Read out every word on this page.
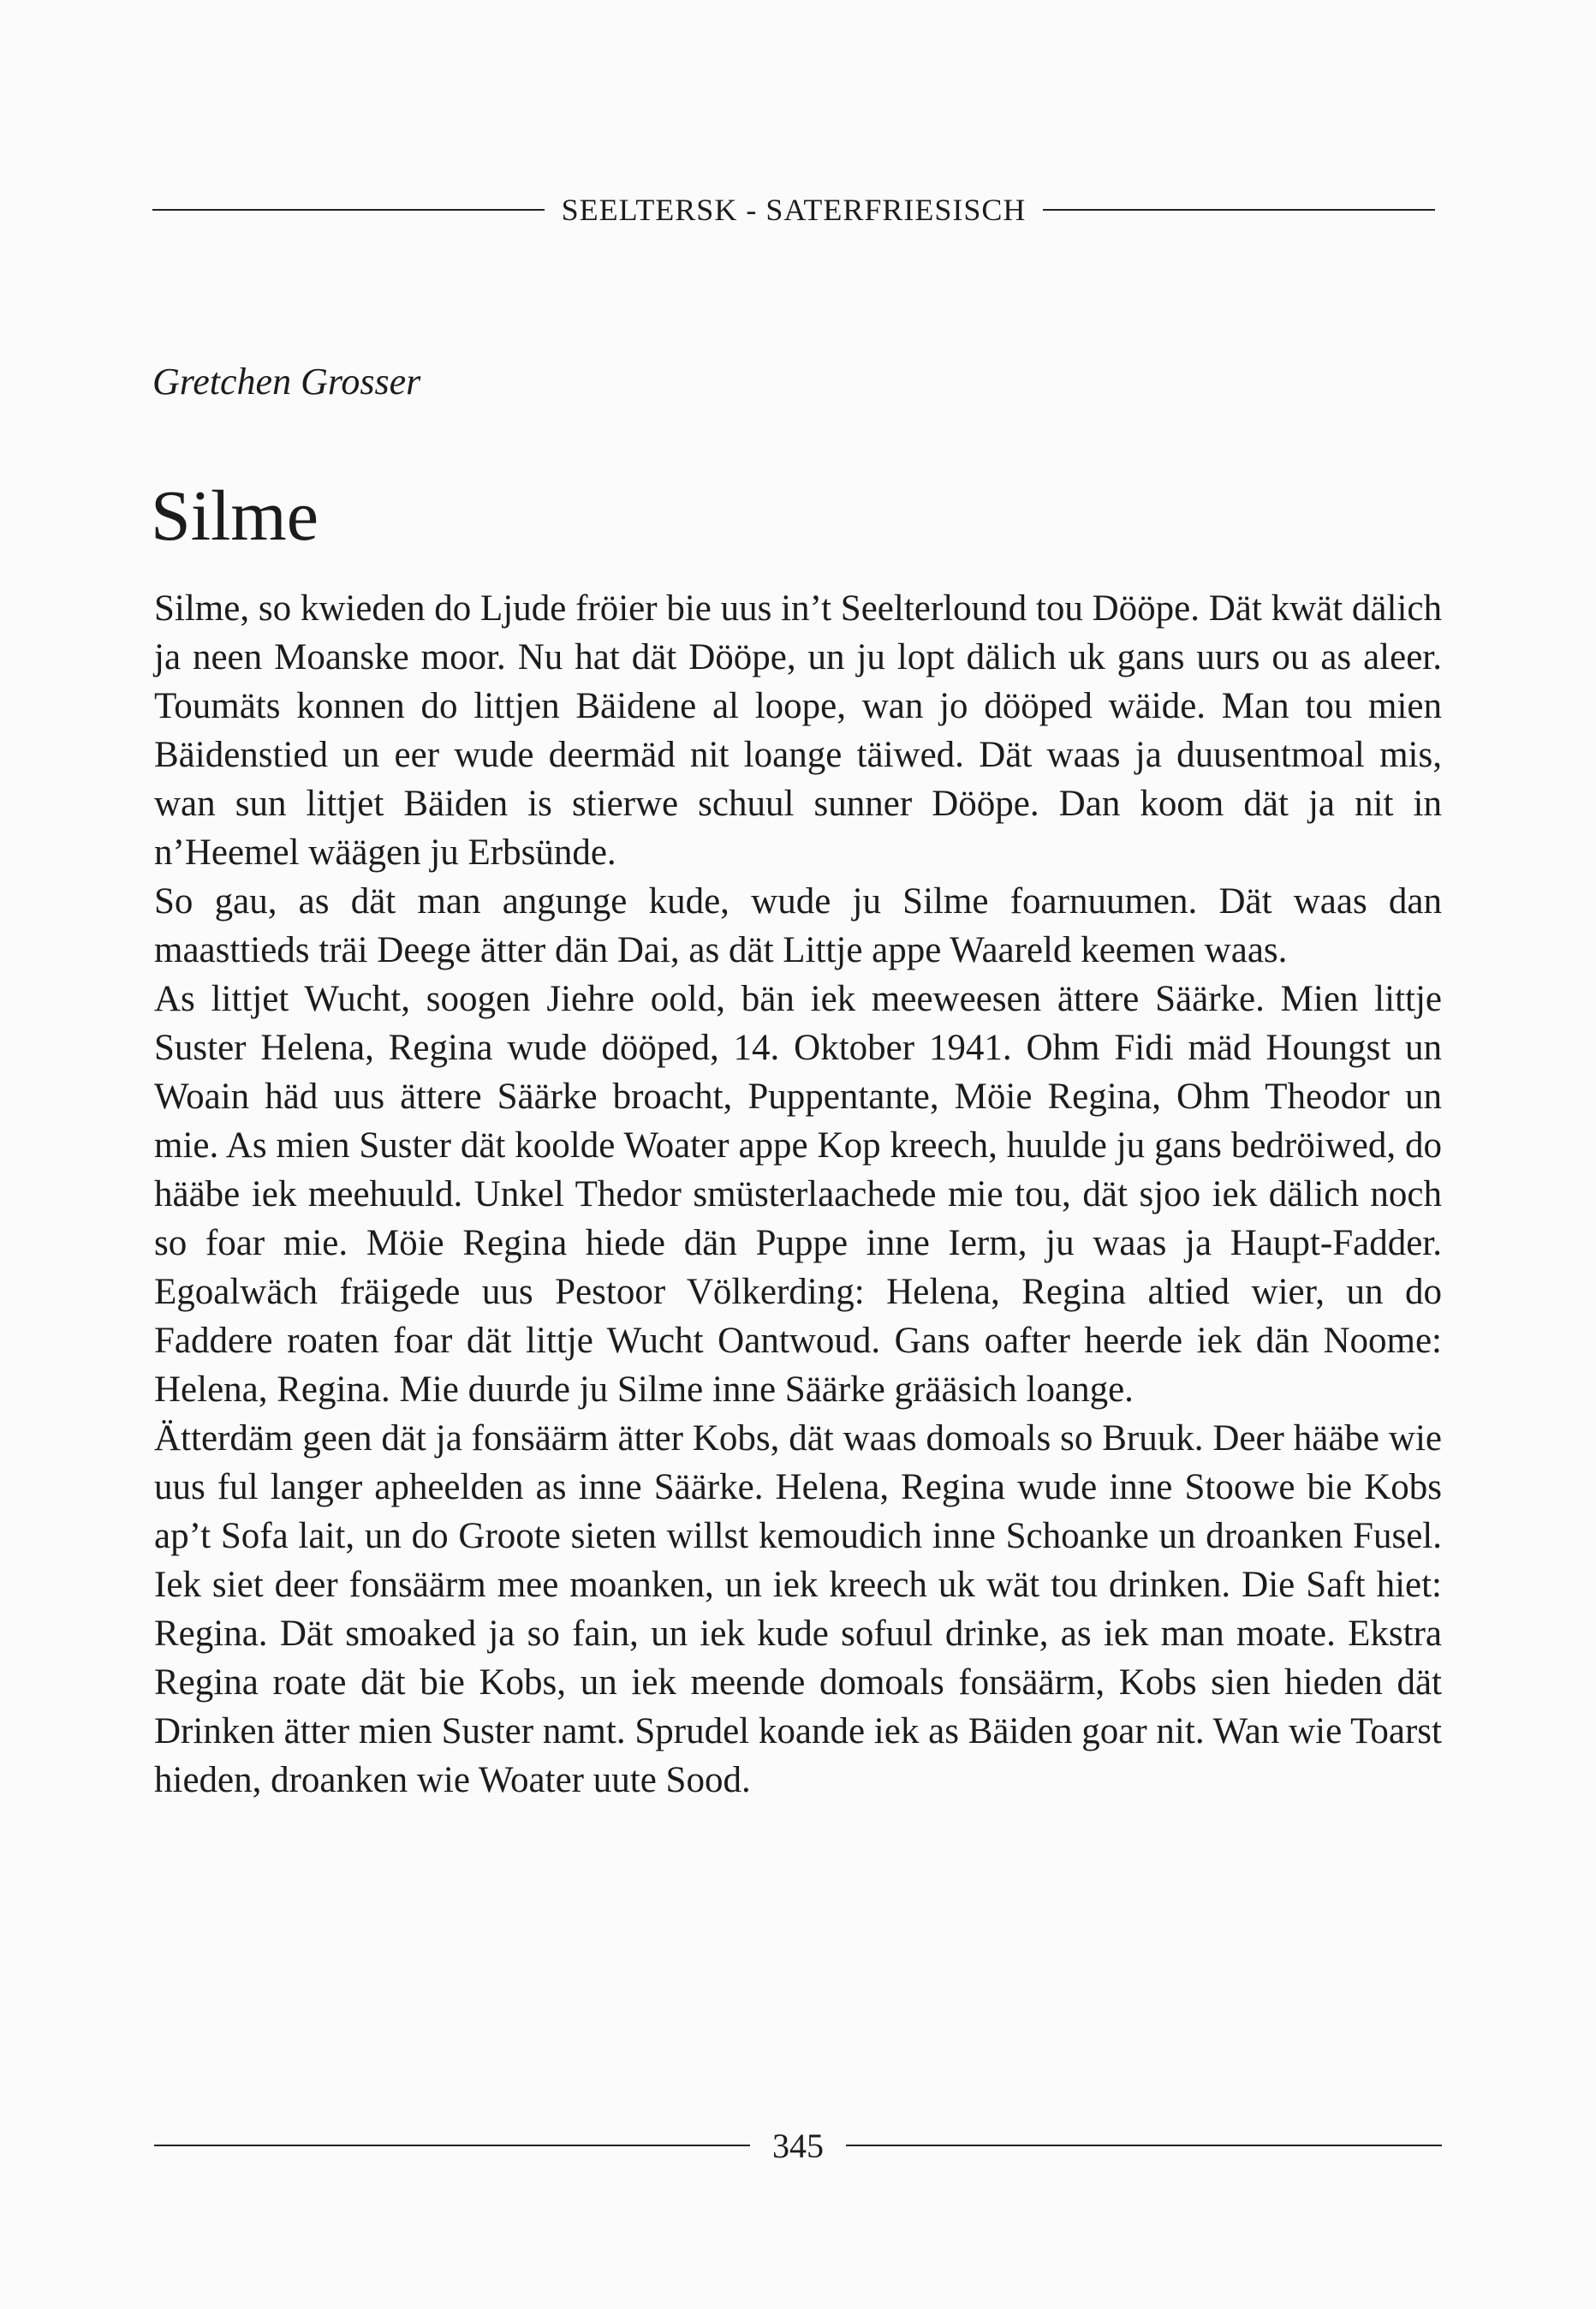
SEELTERSK - SATERFRIESISCH
Gretchen Grosser
Silme

Silme, so kwieden do Ljude fröier bie uus in’t Seelterlound tou Dööpe. Dät kwät dälich ja neen Moanske moor. Nu hat dät Dööpe, un ju lopt dälich uk gans uurs ou as aleer. Toumäts konnen do littjen Bäidene al loope, wan jo dööped wäide. Man tou mien Bäidenstied un eer wude deermäd nit loange täiwed. Dät waas ja duusentmoal mis, wan sun littjet Bäiden is stierwe schuul sunner Dööpe. Dan koom dät ja nit in n’Heemel wäägen ju Erbsünde.

So gau, as dät man angunge kude, wude ju Silme foarnuumen. Dät waas dan maasttieds träi Deege ätter dän Dai, as dät Littje appe Waareld keemen waas.

As littjet Wucht, soogen Jiehre oold, bän iek meeweesen ättere Säärke. Mien littje Suster Helena, Regina wude dööped, 14. Oktober 1941. Ohm Fidi mäd Houngst un Woain häd uus ättere Säärke broacht, Puppentante, Möie Regina, Ohm Theodor un mie. As mien Suster dät koolde Woater appe Kop kreech, huulde ju gans bedröiwed, do hääbe iek meehuuld. Unkel Thedor smüsterlaachede mie tou, dät sjoo iek dälich noch so foar mie. Möie Regina hiede dän Puppe inne Ierm, ju waas ja Haupt-Fadder. Egoalwäch fräigede uus Pestoor Völkerding: Helena, Regina altied wier, un do Faddere roaten foar dät littje Wucht Oantwoud. Gans oafter heerde iek dän Noome: Helena, Regina. Mie duurde ju Silme inne Säärke grääsich loange.

Ätterdäm geen dät ja fonsäärm ätter Kobs, dät waas domoals so Bruuk. Deer hääbe wie uus ful langer apheelden as inne Säärke. Helena, Regina wude inne Stoowe bie Kobs ap’t Sofa lait, un do Groote sieten willst kemoudich inne Schoanke un droanken Fusel. Iek siet deer fonsäärm mee moanken, un iek kreech uk wät tou drinken. Die Saft hiet: Regina. Dät smoaked ja so fain, un iek kude sofuul drinke, as iek man moate. Ekstra Regina roate dät bie Kobs, un iek meende domoals fonsäärm, Kobs sien hieden dät Drinken ätter mien Suster namt. Sprudel koande iek as Bäiden goar nit. Wan wie Toarst hieden, droanken wie Woater uute Sood.

345
